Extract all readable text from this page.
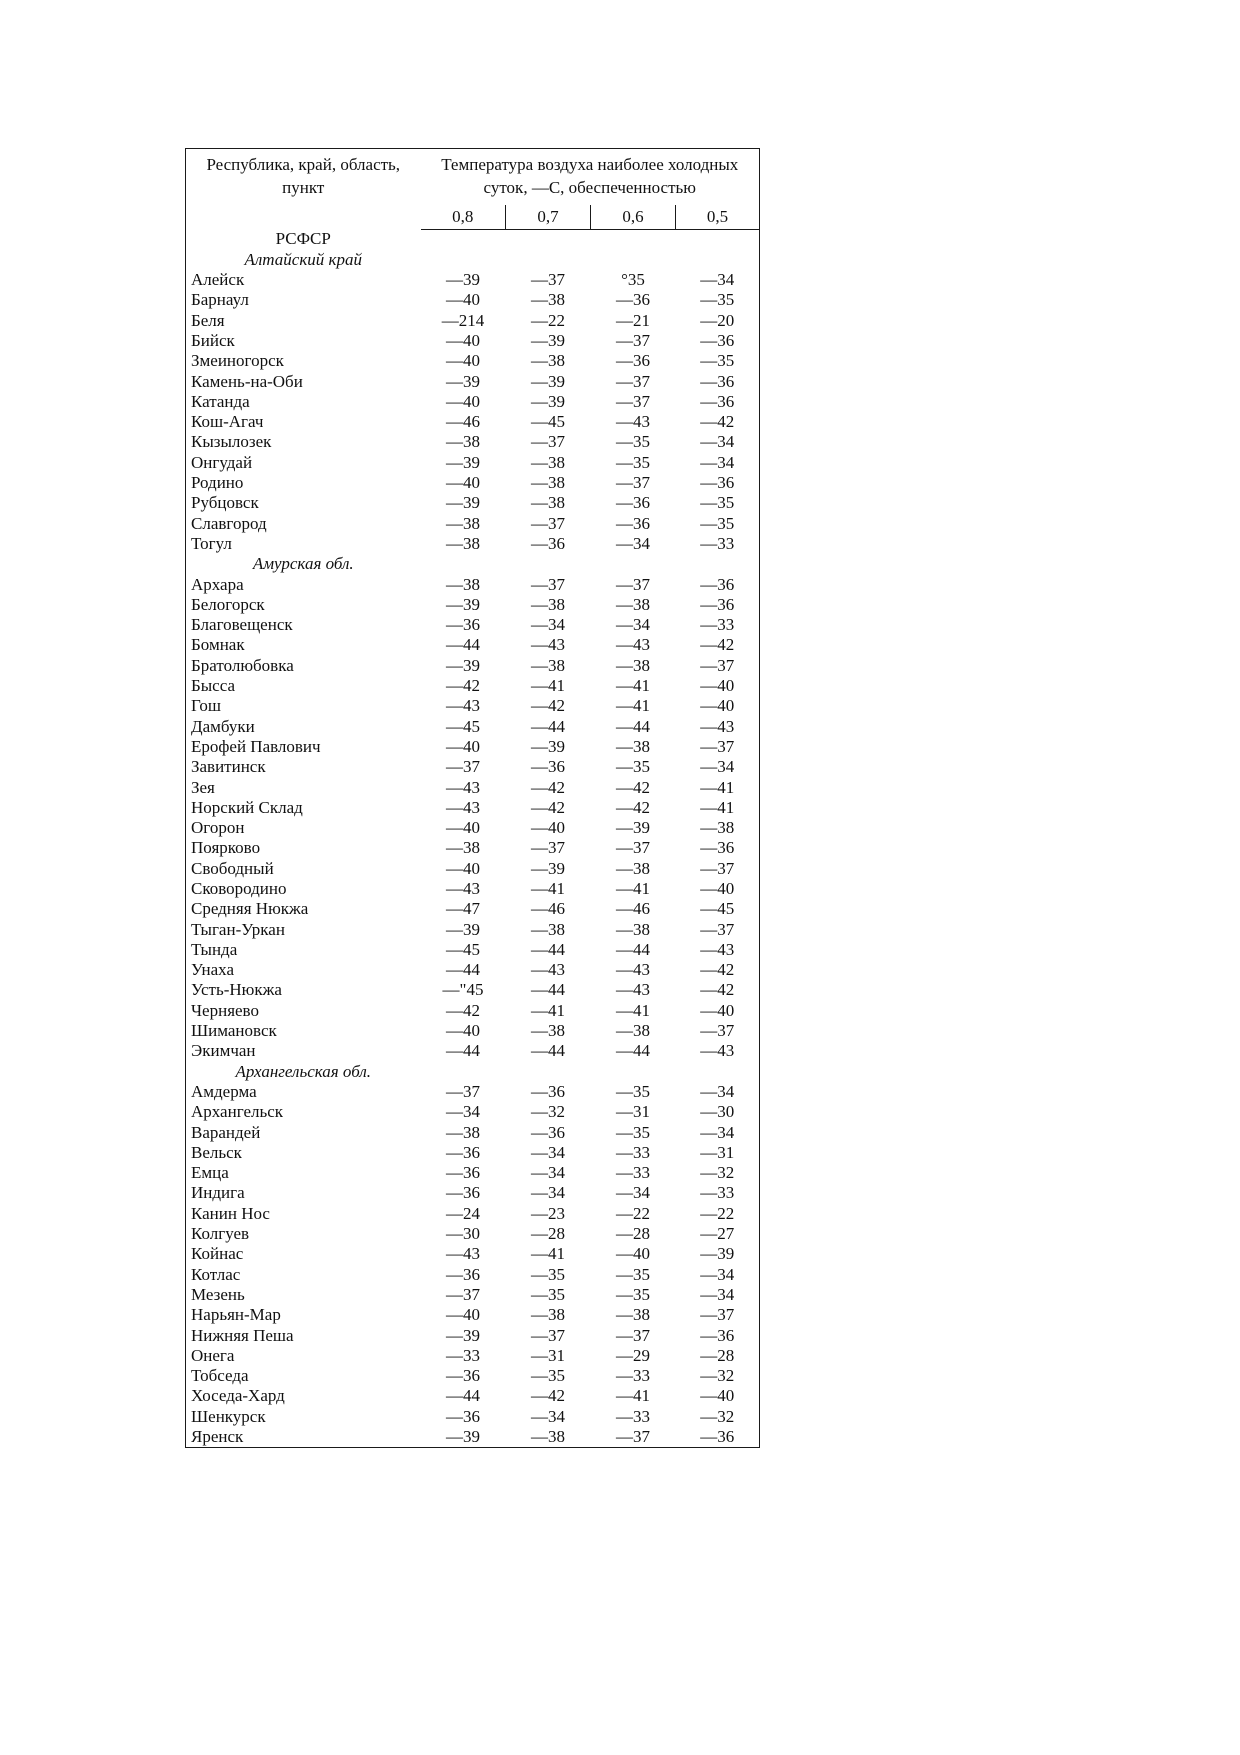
Республика, край, область,
пункт

Температура воздуха наиболее холодных
суток, —С, обеспеченностью

	0,8	0,7	0,6	0,5
РСФСР				
Алтайский край				
Алейск	—39	—37	°35	—34
Барнаул	—40	—38	—36	—35
Беля	—214	—22	—21	—20
Бийск	—40	—39	—37	—36
Змеиногорск	—40	—38	—36	—35
Камень-на-Оби	—39	—39	—37	—36
Катанда	—40	—39	—37	—36
Кош-Агач	—46	—45	—43	—42
Кызылозек	—38	—37	—35	—34
Онгудай	—39	—38	—35	—34
Родино	—40	—38	—37	—36
Рубцовск	—39	—38	—36	—35
Славгород	—38	—37	—36	—35
Тогул	—38	—36	—34	—33
Амурская обл.				
Архара	—38	—37	—37	—36
Белогорск	—39	—38	—38	—36
Благовещенск	—36	—34	—34	—33
Бомнак	—44	—43	—43	—42
Братолюбовка	—39	—38	—38	—37
Бысса	—42	—41	—41	—40
Гош	—43	—42	—41	—40
Дамбуки	—45	—44	—44	—43
Ерофей Павлович	—40	—39	—38	—37
Завитинск	—37	—36	—35	—34
Зея	—43	—42	—42	—41
Норский Склад	—43	—42	—42	—41
Огорон	—40	—40	—39	—38
Поярково	—38	—37	—37	—36
Свободный	—40	—39	—38	—37
Сковородино	—43	—41	—41	—40
Средняя Нюкжа	—47	—46	—46	—45
Тыган-Уркан	—39	—38	—38	—37
Тында	—45	—44	—44	—43
Унаха	—44	—43	—43	—42
Усть-Нюкжа	—"45	—44	—43	—42
Черняево	—42	—41	—41	—40
Шимановск	—40	—38	—38	—37
Экимчан	—44	—44	—44	—43
Архангельская обл.				
Амдерма	—37	—36	—35	—34
Архангельск	—34	—32	—31	—30
Варандей	—38	—36	—35	—34
Вельск	—36	—34	—33	—31
Емца	—36	—34	—33	—32
Индига	—36	—34	—34	—33
Канин Нос	—24	—23	—22	—22
Колгуев	—30	—28	—28	—27
Койнас	—43	—41	—40	—39
Котлас	—36	—35	—35	—34
Мезень	—37	—35	—35	—34
Нарьян-Мар	—40	—38	—38	—37
Нижняя Пеша	—39	—37	—37	—36
Онега	—33	—31	—29	—28
Тобседа	—36	—35	—33	—32
Хоседа-Хард	—44	—42	—41	—40
Шенкурск	—36	—34	—33	—32
Яренск	—39	—38	—37	—36
